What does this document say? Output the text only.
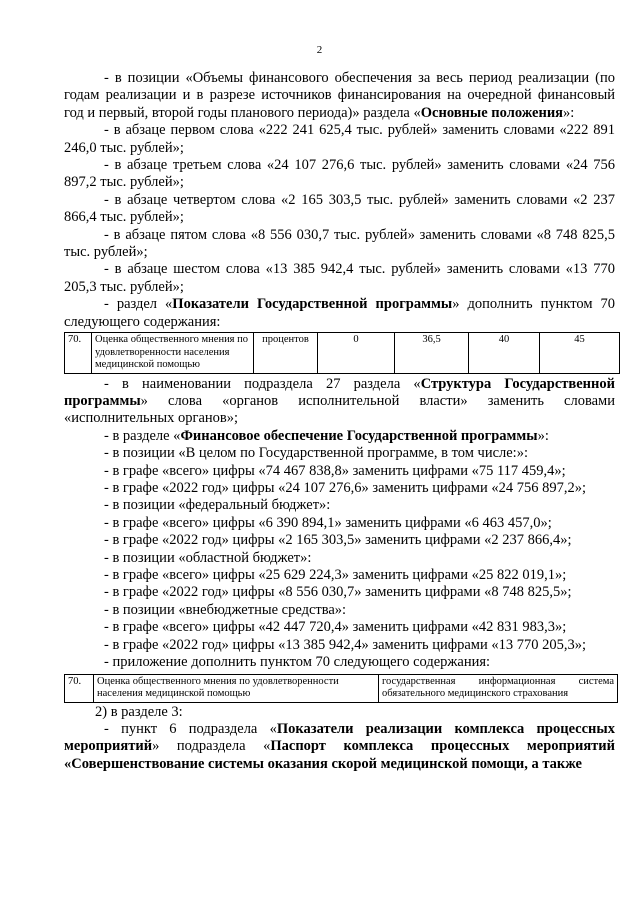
2

- в позиции «Объемы финансового обеспечения за весь период реализации (по годам реализации и в разрезе источников финансирования на очередной финансовый год и первый, второй годы планового периода)» раздела «Основные положения»:

- в абзаце первом слова «222 241 625,4 тыс. рублей» заменить словами «222 891 246,0 тыс. рублей»;

- в абзаце третьем слова «24 107 276,6 тыс. рублей» заменить словами «24 756 897,2 тыс. рублей»;

- в абзаце четвертом слова «2 165 303,5 тыс. рублей» заменить словами «2 237 866,4 тыс. рублей»;

- в абзаце пятом слова «8 556 030,7 тыс. рублей» заменить словами «8 748 825,5 тыс. рублей»;

- в абзаце шестом слова «13 385 942,4 тыс. рублей» заменить словами «13 770 205,3 тыс. рублей»;

- раздел «Показатели Государственной программы» дополнить пунктом 70 следующего содержания:

70.	Оценка общественного мнения по удовлетворенности населения медицинской помощью	процентов	0	36,5	40	45

- в наименовании подраздела 27 раздела «Структура Государственной программы» слова «органов исполнительной власти» заменить словами «исполнительных органов»;

- в разделе «Финансовое обеспечение Государственной программы»:

- в позиции «В целом по Государственной программе, в том числе:»:

- в графе «всего» цифры «74 467 838,8» заменить цифрами «75 117 459,4»;

- в графе «2022 год» цифры «24 107 276,6» заменить цифрами «24 756 897,2»;

- в позиции «федеральный бюджет»:

- в графе «всего» цифры «6 390 894,1» заменить цифрами «6 463 457,0»;

- в графе «2022 год» цифры «2 165 303,5» заменить цифрами «2 237 866,4»;

- в позиции «областной бюджет»:

- в графе «всего» цифры «25 629 224,3» заменить цифрами «25 822 019,1»;

- в графе «2022 год» цифры «8 556 030,7» заменить цифрами «8 748 825,5»;

- в позиции «внебюджетные средства»:

- в графе «всего» цифры «42 447 720,4» заменить цифрами «42 831 983,3»;

- в графе «2022 год» цифры «13 385 942,4» заменить цифрами «13 770 205,3»;

- приложение дополнить пунктом 70 следующего содержания:

70.	Оценка общественного мнения по удовлетворенности населения медицинской помощью	государственная информационная система обязательного медицинского страхования

2) в разделе 3:

- пункт 6 подраздела «Показатели реализации комплекса процессных мероприятий» подраздела «Паспорт комплекса процессных мероприятий «Совершенствование системы оказания скорой медицинской помощи, а также
